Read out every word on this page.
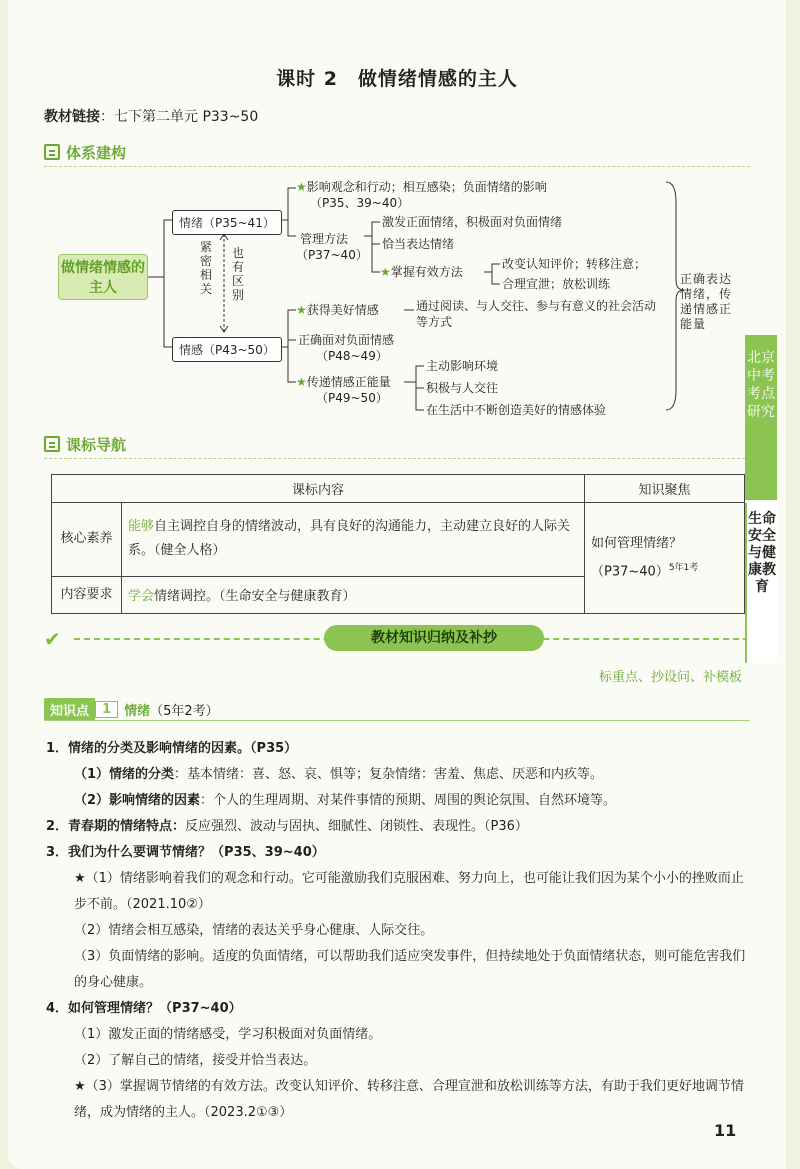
课时 2　做情绪情感的主人
教材链接：七下第二单元 P33~50
体系建构
做情绪情感的主人
情绪（P35~41）
情感（P43~50）
紧密相关
也有区别
★影响观念和行动；相互感染；负面情绪的影响
（P35、39~40）
管理方法
（P37~40）
激发正面情绪，积极面对负面情绪
恰当表达情绪
★掌握有效方法
改变认知评价；转移注意；
合理宣泄；放松训练
★获得美好情感	通过阅读、与人交往、参与有意义的社会活动等方式
正确面对负面情感
（P48~49）
★传递情感正能量
（P49~50）
主动影响环境
积极与人交往
在生活中不断创造美好的情感体验
正确表达情绪，传递情感正能量
课标导航
课标内容		知识聚焦
核心素养	能够自主调控自身的情绪波动，具有良好的沟通能力，主动建立良好的人际关系。（健全人格）	如何管理情绪？（P37~40）$^{5年1考}$
内容要求	学会情绪调控。（生命安全与健康教育）	
✔	教材知识归纳及补抄
标重点、抄设问、补模板
知识点	1	情绪 （5年2考）

1．情绪的分类及影响情绪的因素。（P35）

（1）情绪的分类：基本情绪：喜、怒、哀、惧等；复杂情绪：害羞、焦虑、厌恶和内疚等。

（2）影响情绪的因素：个人的生理周期、对某件事情的预期、周围的舆论氛围、自然环境等。

2．青春期的情绪特点：反应强烈、波动与固执、细腻性、闭锁性、表现性。（P36）

3．我们为什么要调节情绪？（P35、39~40）

★（1）情绪影响着我们的观念和行动。它可能激励我们克服困难、努力向上，也可能让我们因为某个小小的挫败而止步不前。（2021.10②）

（2）情绪会相互感染，情绪的表达关乎身心健康、人际交往。

（3）负面情绪的影响。适度的负面情绪，可以帮助我们适应突发事件，但持续地处于负面情绪状态，则可能危害我们的身心健康。

4．如何管理情绪？（P37~40）

（1）激发正面的情绪感受，学习积极面对负面情绪。

（2）了解自己的情绪，接受并恰当表达。

★（3）掌握调节情绪的有效方法。改变认知评价、转移注意、合理宣泄和放松训练等方法，有助于我们更好地调节情绪，成为情绪的主人。（2023.2①③）

11
北京中考考点研究
生命安全与健康教育
